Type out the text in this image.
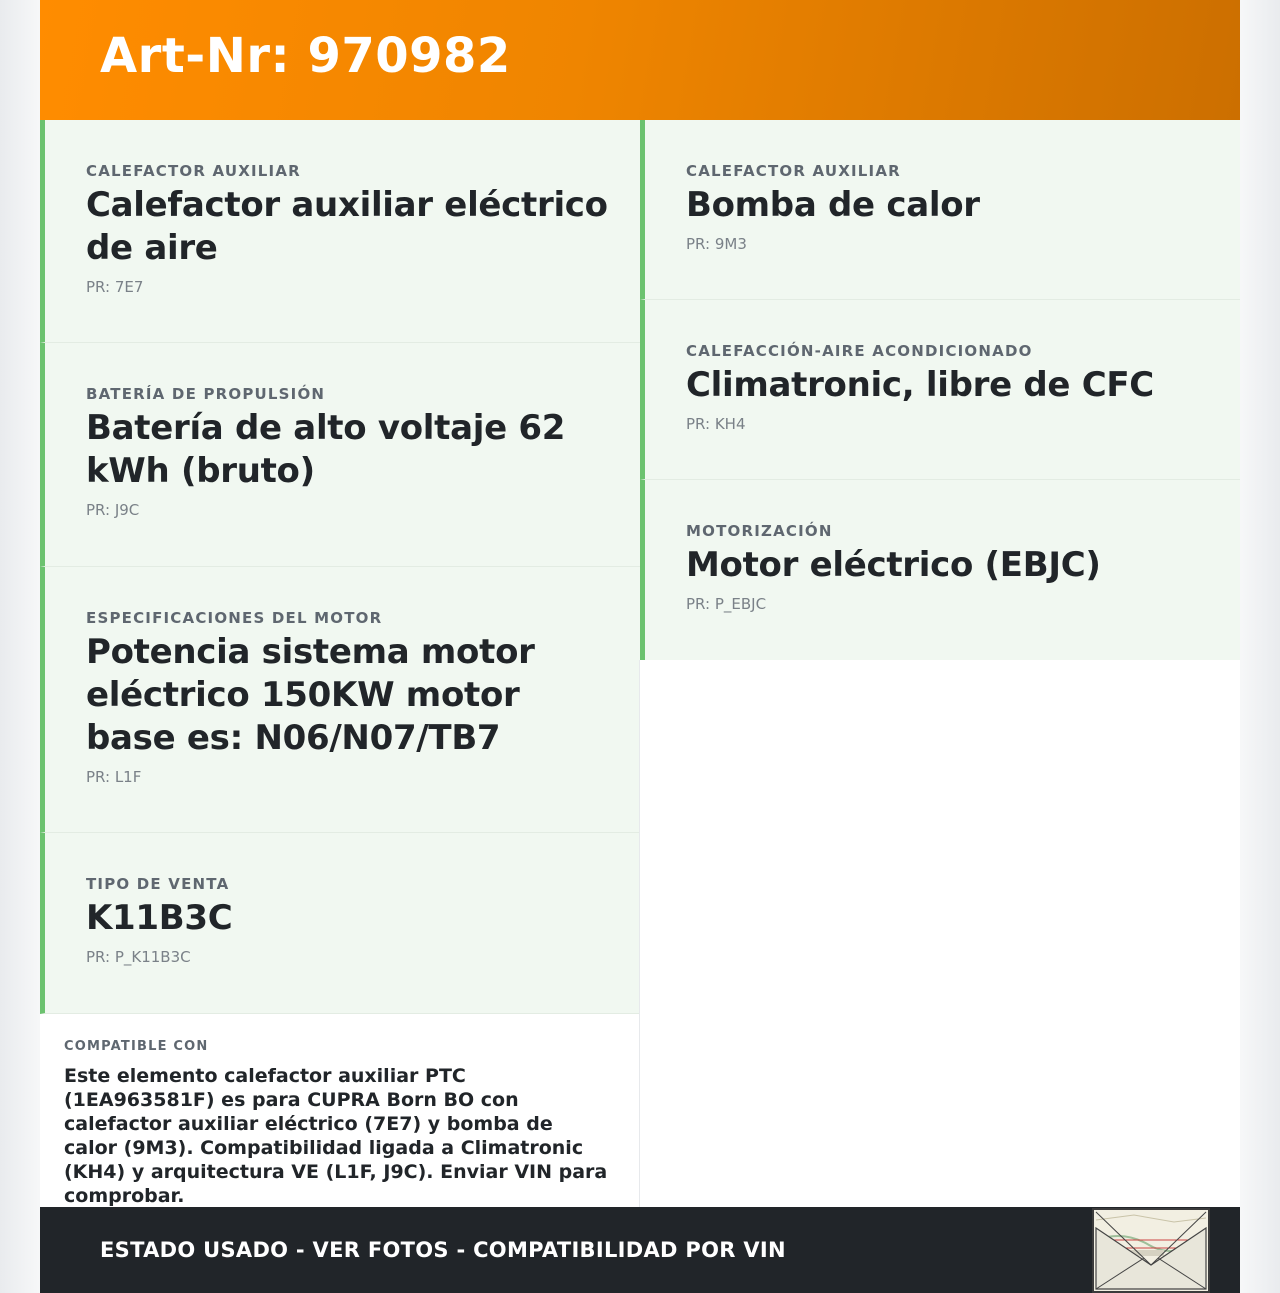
Art-Nr: 970982
CALEFACTOR AUXILIAR
Calefactor auxiliar eléctrico de aire
PR: 7E7
BATERÍA DE PROPULSIÓN
Batería de alto voltaje 62 kWh (bruto)
PR: J9C
ESPECIFICACIONES DEL MOTOR
Potencia sistema motor eléctrico 150KW motor base es: N06/N07/TB7
PR: L1F
TIPO DE VENTA
K11B3C
PR: P_K11B3C
CALEFACTOR AUXILIAR
Bomba de calor
PR: 9M3
CALEFACCIÓN-AIRE ACONDICIONADO
Climatronic, libre de CFC
PR: KH4
MOTORIZACIÓN
Motor eléctrico (EBJC)
PR: P_EBJC
COMPATIBLE CON
Este elemento calefactor auxiliar PTC (1EA963581F) es para CUPRA Born BO con calefactor auxiliar eléctrico (7E7) y bomba de calor (9M3). Compatibilidad ligada a Climatronic (KH4) y arquitectura VE (L1F, J9C). Enviar VIN para comprobar.
ESTADO USADO - VER FOTOS - COMPATIBILIDAD POR VIN
